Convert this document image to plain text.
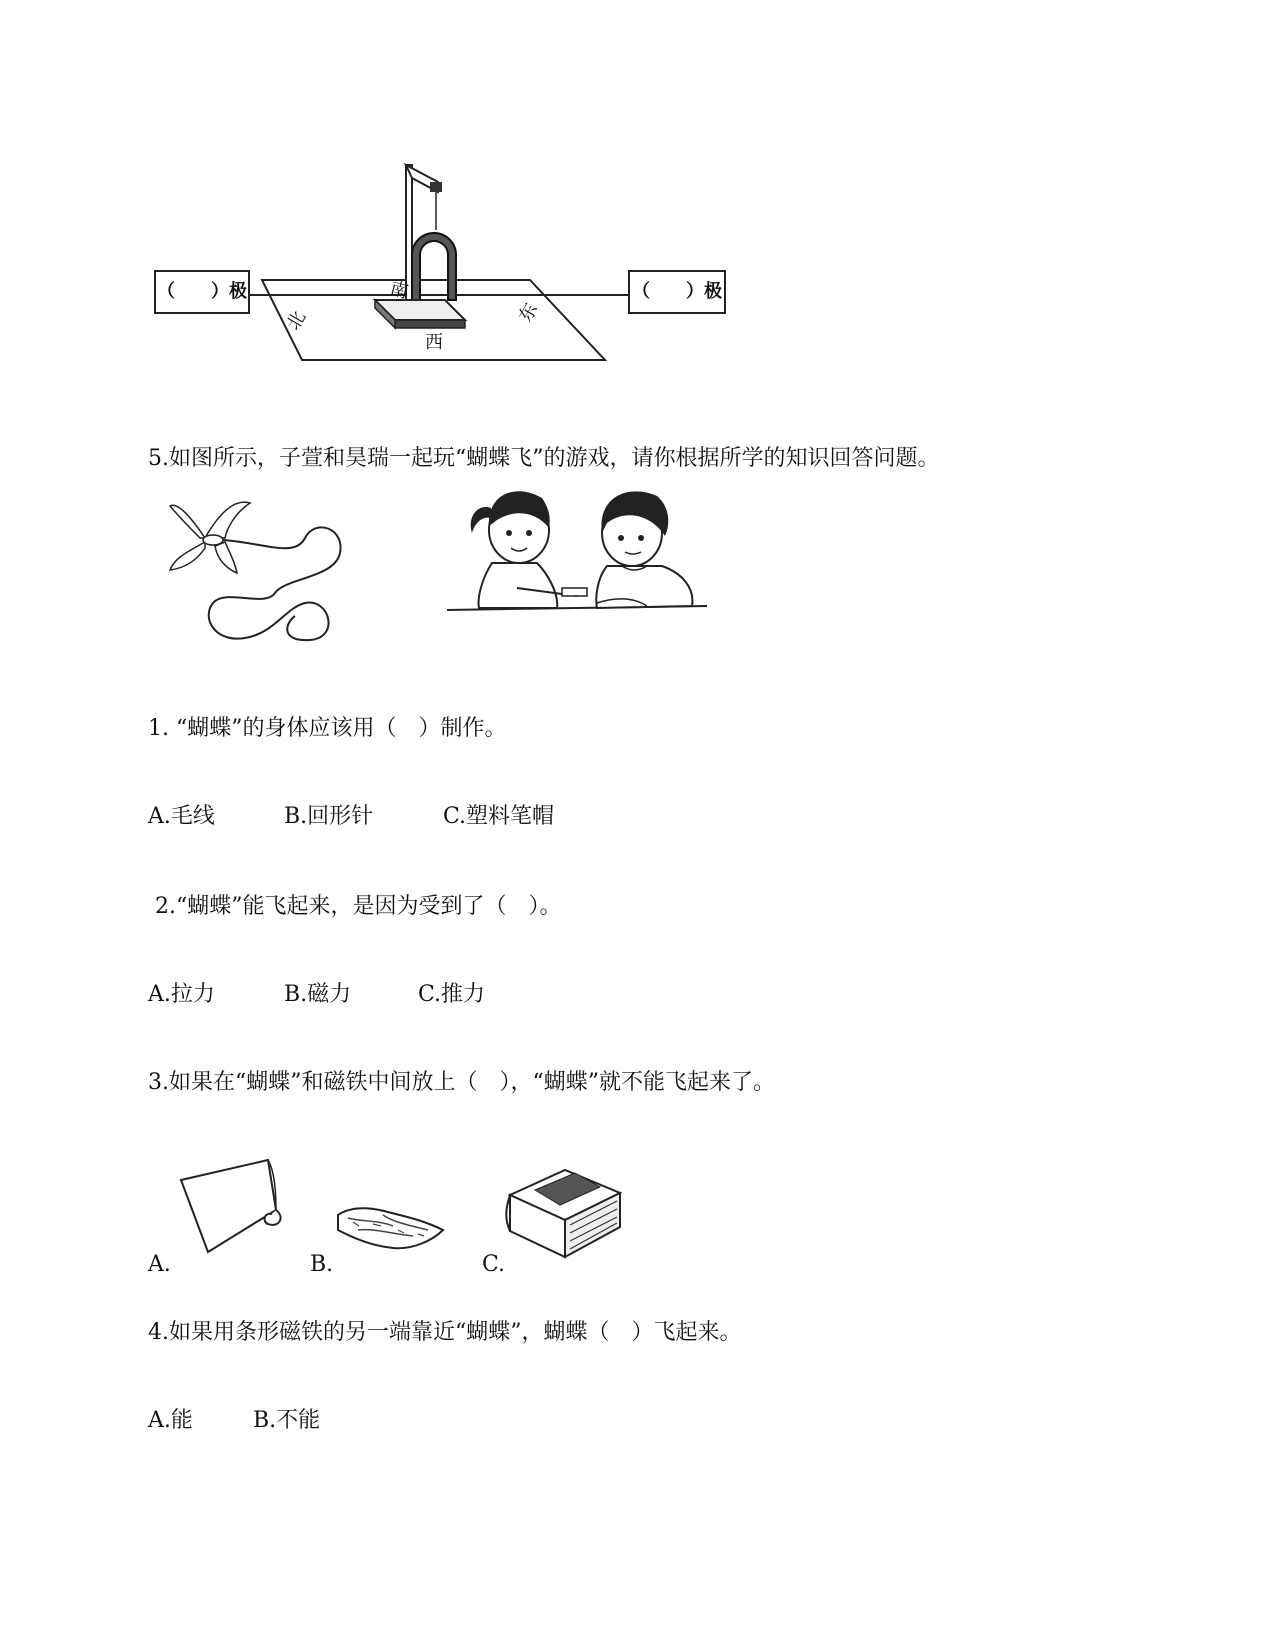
（　　）极	（　　）极
北
南
西
东
5.如图所示，子萱和昊瑞一起玩“蝴蝶飞”的游戏，请你根据所学的知识回答问题。
1. “蝴蝶”的身体应该用（　）制作。
A.毛线	B.回形针	C.塑料笔帽
2.“蝴蝶”能飞起来，是因为受到了（　）。
A.拉力	B.磁力	C.推力
3.如果在“蝴蝶”和磁铁中间放上（　），“蝴蝶”就不能飞起来了。
A.	B.	C.
4.如果用条形磁铁的另一端靠近“蝴蝶”，蝴蝶（　）飞起来。
A.能	B.不能
